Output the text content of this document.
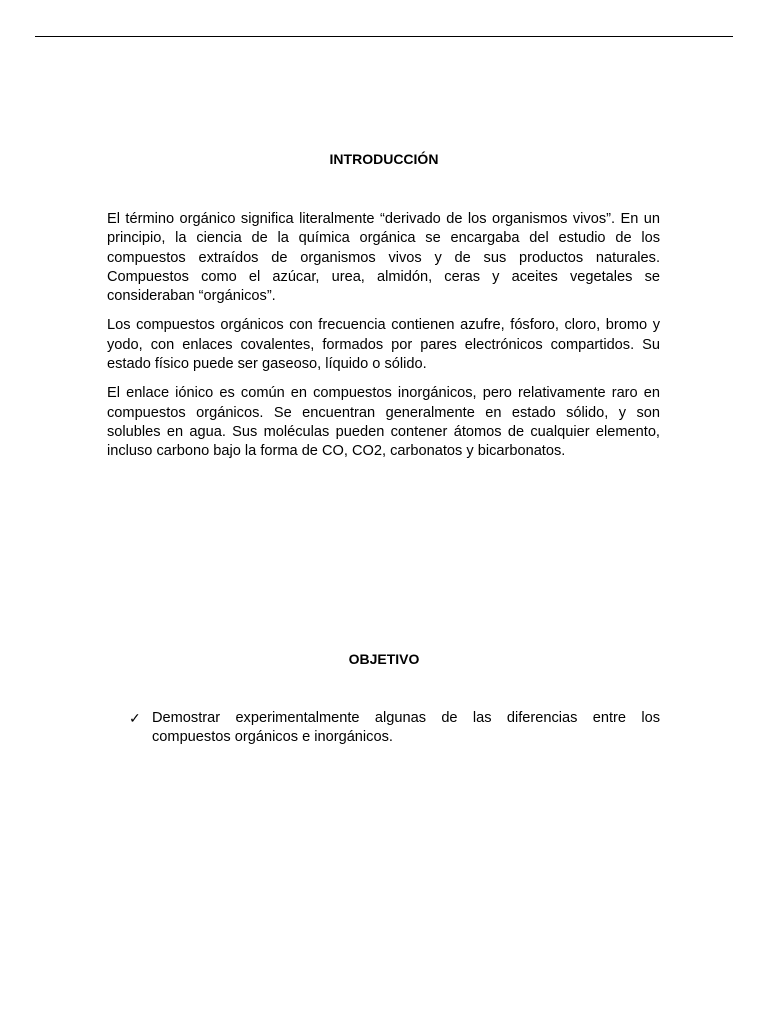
INTRODUCCIÓN

El término orgánico significa literalmente “derivado de los organismos vivos”. En un principio, la ciencia de la química orgánica se encargaba del estudio de los compuestos extraídos de organismos vivos y de sus productos naturales. Compuestos como el azúcar, urea, almidón, ceras y aceites vegetales se consideraban “orgánicos”.

Los compuestos orgánicos con frecuencia contienen azufre, fósforo, cloro, bromo y yodo, con enlaces covalentes, formados por pares electrónicos compartidos. Su estado físico puede ser gaseoso, líquido o sólido.

El enlace iónico es común en compuestos inorgánicos, pero relativamente raro en compuestos orgánicos. Se encuentran generalmente en estado sólido, y son solubles en agua. Sus moléculas pueden contener átomos de cualquier elemento, incluso carbono bajo la forma de CO, CO2, carbonatos y bicarbonatos.

OBJETIVO
✓ Demostrar experimentalmente algunas de las diferencias entre los compuestos orgánicos e inorgánicos.
